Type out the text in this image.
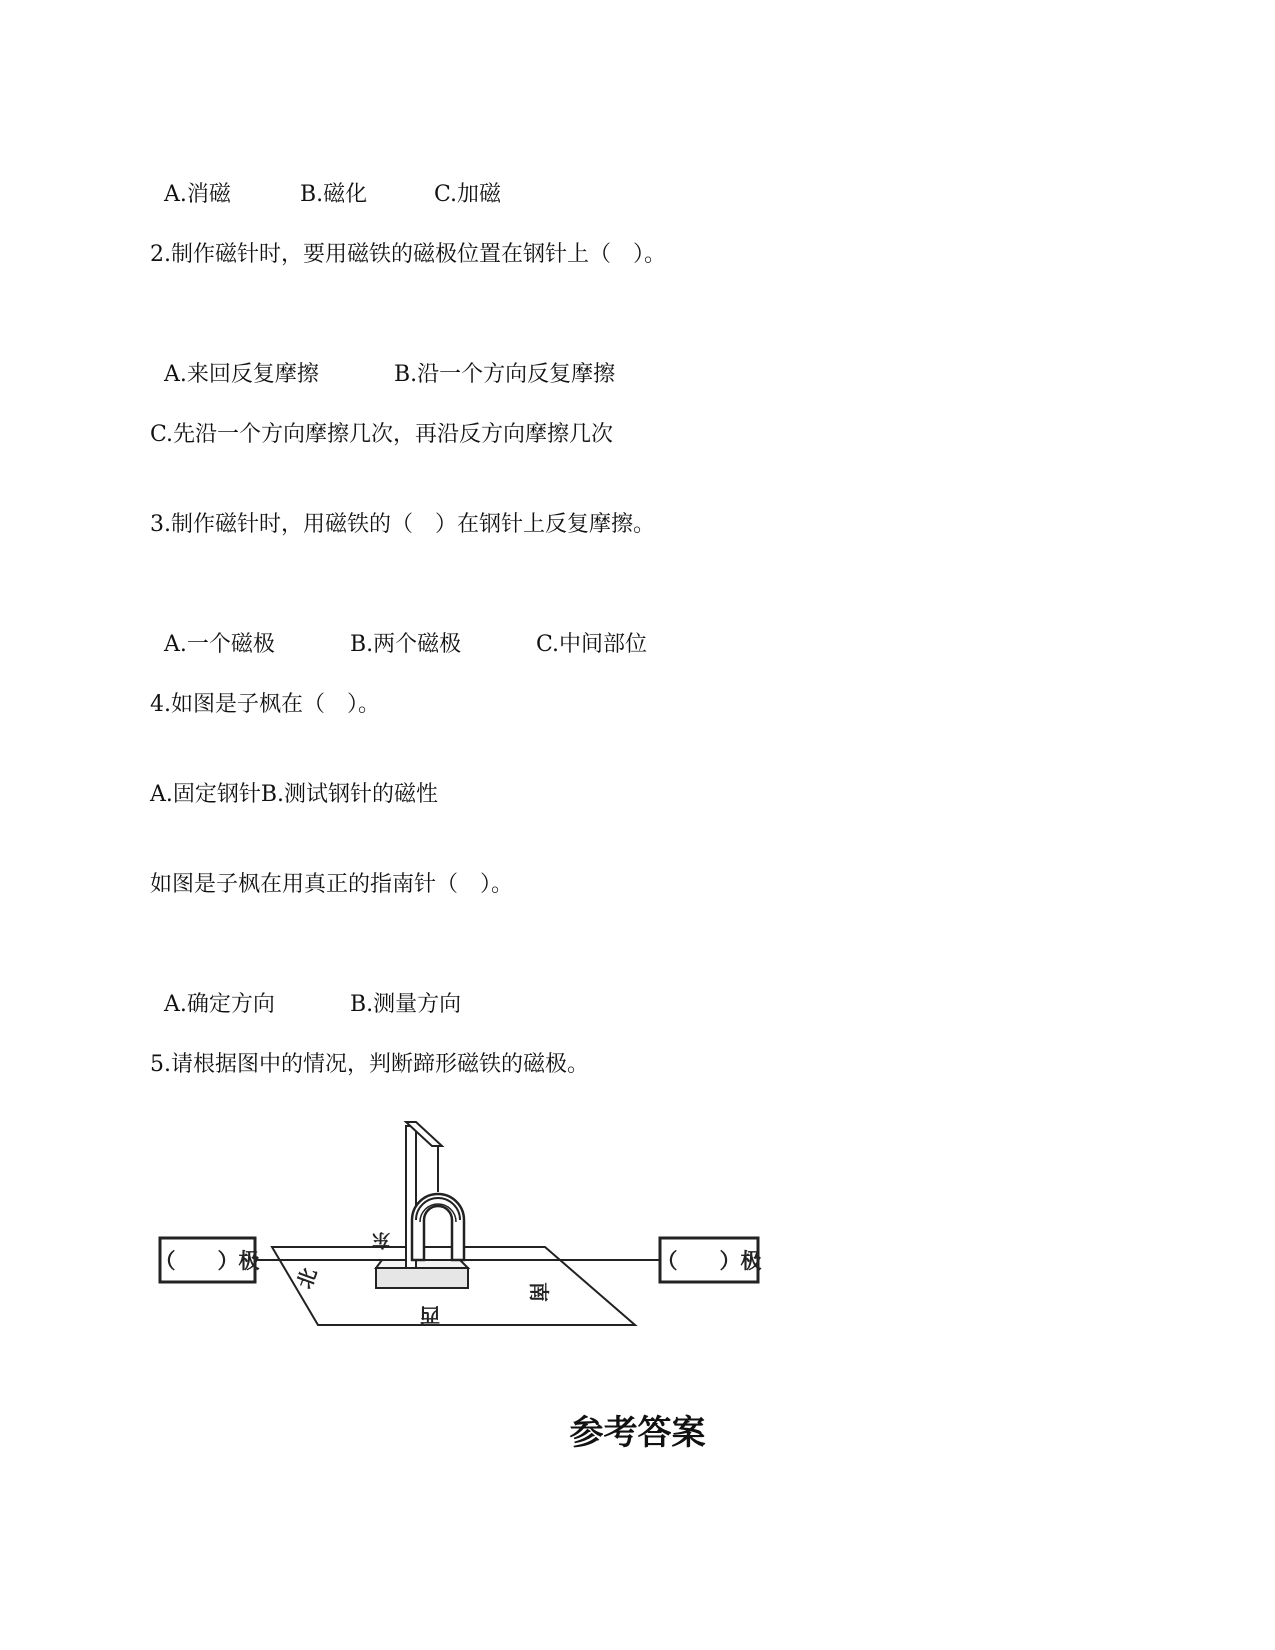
A.消磁	B.磁化	C.加磁

2.制作磁针时，要用磁铁的磁极位置在钢针上（　）。

A.来回反复摩擦	B.沿一个方向反复摩擦

C.先沿一个方向摩擦几次，再沿反方向摩擦几次
3.制作磁针时，用磁铁的（　）在钢针上反复摩擦。

A.一个磁极	B.两个磁极	C.中间部位

4.如图是子枫在（　）。
A.固定钢针B.测试钢针的磁性
如图是子枫在用真正的指南针（　）。

A.确定方向	B.测量方向

5.请根据图中的情况，判断蹄形磁铁的磁极。
（　　）极	（　　）极
北
南
东
西
参考答案
